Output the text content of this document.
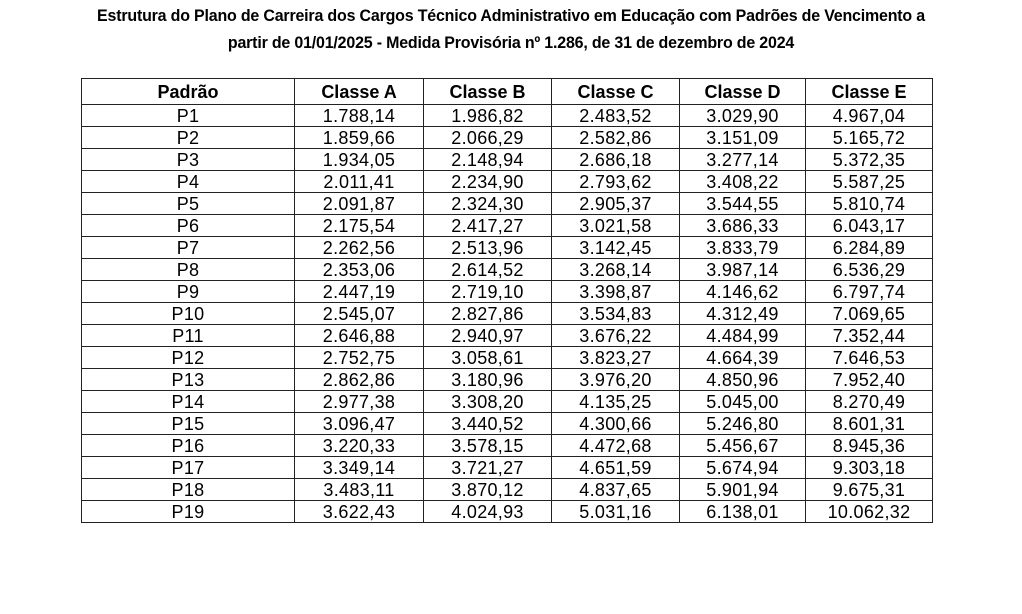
Estrutura do Plano de Carreira dos Cargos Técnico Administrativo em Educação com Padrões de Vencimento a
partir de 01/01/2025 - Medida Provisória nº 1.286, de 31 de dezembro de 2024
Padrão	Classe A	Classe B	Classe C	Classe D	Classe E
P1	1.788,14	1.986,82	2.483,52	3.029,90	4.967,04
P2	1.859,66	2.066,29	2.582,86	3.151,09	5.165,72
P3	1.934,05	2.148,94	2.686,18	3.277,14	5.372,35
P4	2.011,41	2.234,90	2.793,62	3.408,22	5.587,25
P5	2.091,87	2.324,30	2.905,37	3.544,55	5.810,74
P6	2.175,54	2.417,27	3.021,58	3.686,33	6.043,17
P7	2.262,56	2.513,96	3.142,45	3.833,79	6.284,89
P8	2.353,06	2.614,52	3.268,14	3.987,14	6.536,29
P9	2.447,19	2.719,10	3.398,87	4.146,62	6.797,74
P10	2.545,07	2.827,86	3.534,83	4.312,49	7.069,65
P11	2.646,88	2.940,97	3.676,22	4.484,99	7.352,44
P12	2.752,75	3.058,61	3.823,27	4.664,39	7.646,53
P13	2.862,86	3.180,96	3.976,20	4.850,96	7.952,40
P14	2.977,38	3.308,20	4.135,25	5.045,00	8.270,49
P15	3.096,47	3.440,52	4.300,66	5.246,80	8.601,31
P16	3.220,33	3.578,15	4.472,68	5.456,67	8.945,36
P17	3.349,14	3.721,27	4.651,59	5.674,94	9.303,18
P18	3.483,11	3.870,12	4.837,65	5.901,94	9.675,31
P19	3.622,43	4.024,93	5.031,16	6.138,01	10.062,32
